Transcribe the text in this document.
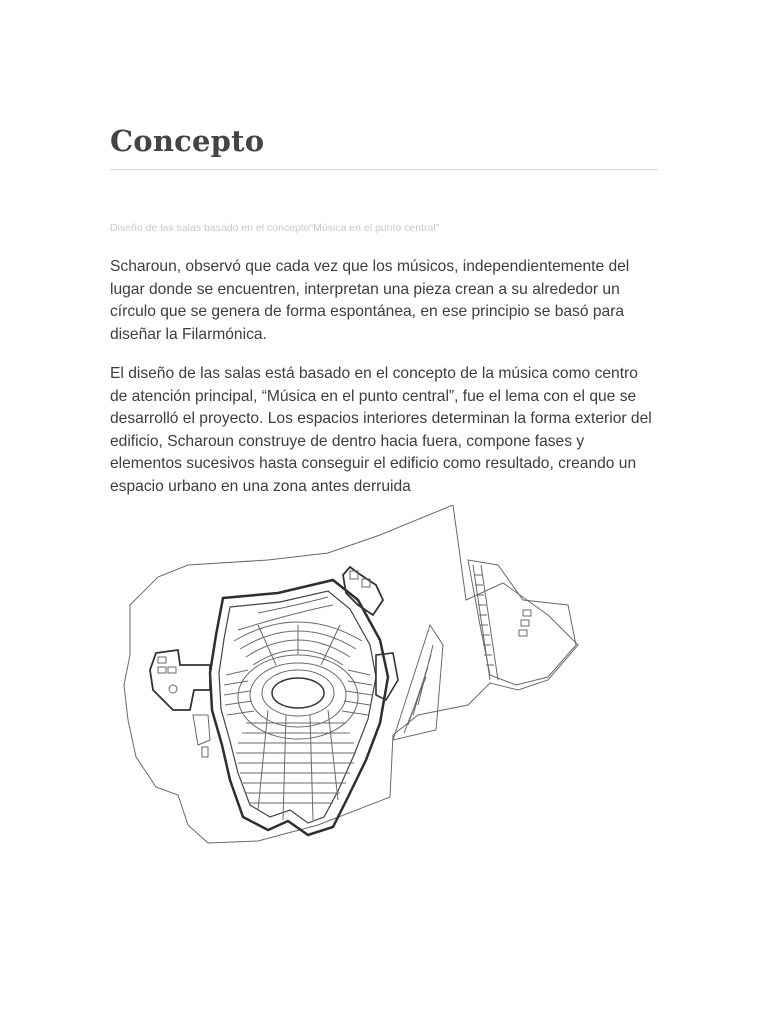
Concepto
Diseño de las salas basado en el concepto“Música en el punto central”

Scharoun, observó que cada vez que los músicos, independientemente del lugar donde se encuentren, interpretan una pieza crean a su alrededor un círculo que se genera de forma espontánea, en ese principio se basó para diseñar la Filarmónica.

El diseño de las salas está basado en el concepto de la música como centro de atención principal, “Música en el punto central”, fue el lema con el que se desarrolló el proyecto. Los espacios interiores determinan la forma exterior del edificio, Scharoun construye de dentro hacia fuera, compone fases y elementos sucesivos hasta conseguir el edificio como resultado, creando un espacio urbano en una zona antes derruida
